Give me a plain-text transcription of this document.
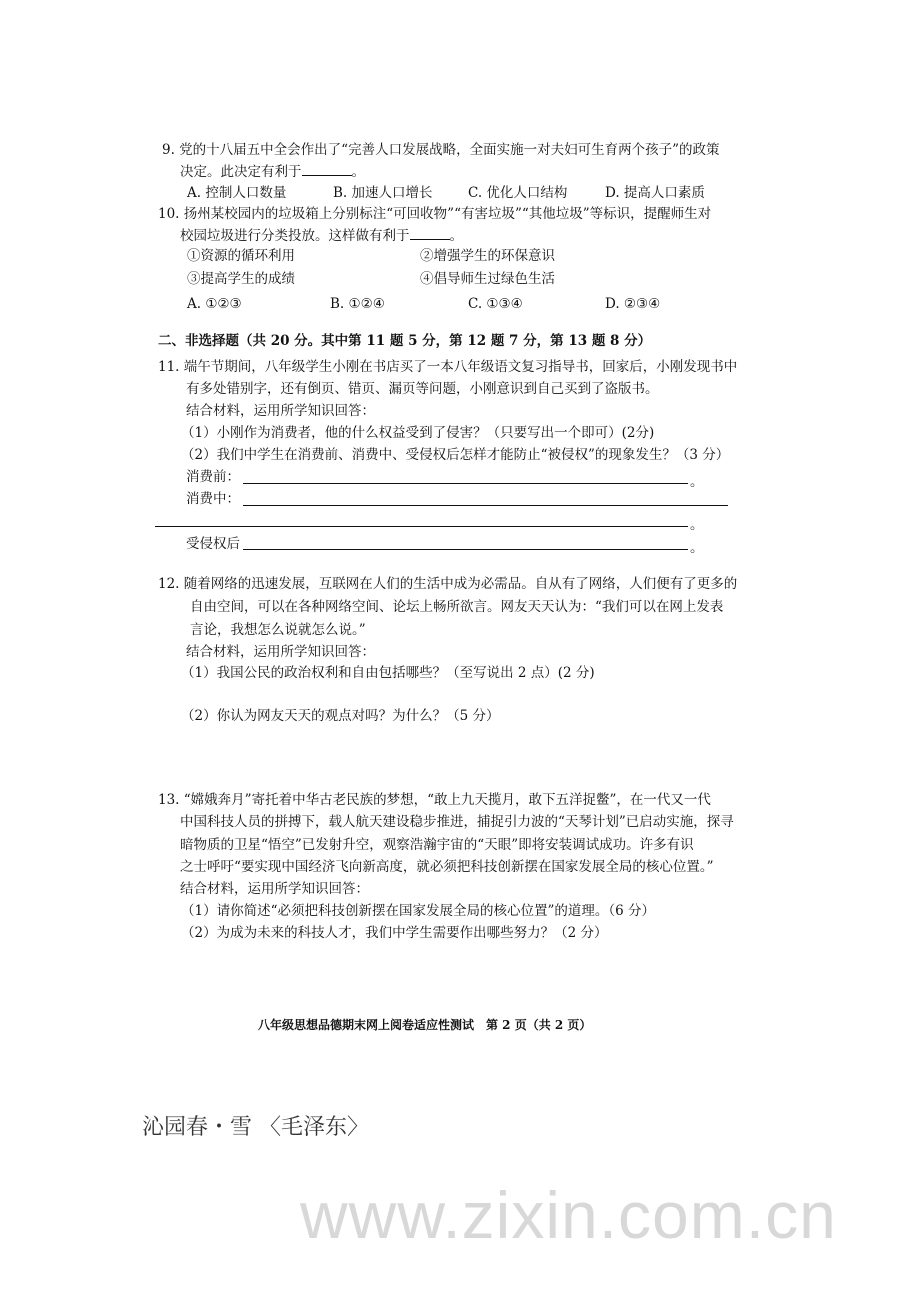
www.zixin.com.cn
9. 党的十八届五中全会作出了“完善人口发展战略，全面实施一对夫妇可生育两个孩子”的政策
决定。此决定有利于	。
A. 控制人口数量	B. 加速人口增长	C. 优化人口结构	D. 提高人口素质
10. 扬州某校园内的垃圾箱上分别标注“可回收物”“有害垃圾”“其他垃圾”等标识，提醒师生对
校园垃圾进行分类投放。这样做有利于	。
①资源的循环利用	②增强学生的环保意识
③提高学生的成绩	④倡导师生过绿色生活
A. ①②③	B. ①②④	C. ①③④	D. ②③④
二、非选择题（共 20 分。其中第 11 题 5 分，第 12 题 7 分，第 13 题 8 分）
11. 端午节期间，八年级学生小刚在书店买了一本八年级语文复习指导书，回家后，小刚发现书中
有多处错别字，还有倒页、错页、漏页等问题，小刚意识到自己买到了盗版书。
结合材料，运用所学知识回答：
（1）小刚作为消费者，他的什么权益受到了侵害？（只要写出一个即可）(2分)
（2）我们中学生在消费前、消费中、受侵权后怎样才能防止“被侵权”的现象发生？（3 分）
消费前：	。
消费中：
。
受侵权后	。
12. 随着网络的迅速发展，互联网在人们的生活中成为必需品。自从有了网络，人们便有了更多的
自由空间，可以在各种网络空间、论坛上畅所欲言。网友天天认为：“我们可以在网上发表
言论，我想怎么说就怎么说。”
结合材料，运用所学知识回答：
（1）我国公民的政治权利和自由包括哪些？（至写说出 2 点）(2 分)
（2）你认为网友天天的观点对吗？为什么？（5 分）
13. “嫦娥奔月”寄托着中华古老民族的梦想，“敢上九天揽月，敢下五洋捉鳖”，在一代又一代
中国科技人员的拼搏下，载人航天建设稳步推进，捕捉引力波的“天琴计划”已启动实施，探寻
暗物质的卫星“悟空”已发射升空，观察浩瀚宇宙的“天眼”即将安装调试成功。许多有识
之士呼吁“要实现中国经济飞向新高度，就必须把科技创新摆在国家发展全局的核心位置。”
结合材料，运用所学知识回答：
（1）请你简述“必须把科技创新摆在国家发展全局的核心位置”的道理。（6 分）
（2）为成为未来的科技人才，我们中学生需要作出哪些努力？（2 分）
八年级思想品德期末网上阅卷适应性测试　第 2 页（共 2 页）
沁园春・雪 〈毛泽东〉
